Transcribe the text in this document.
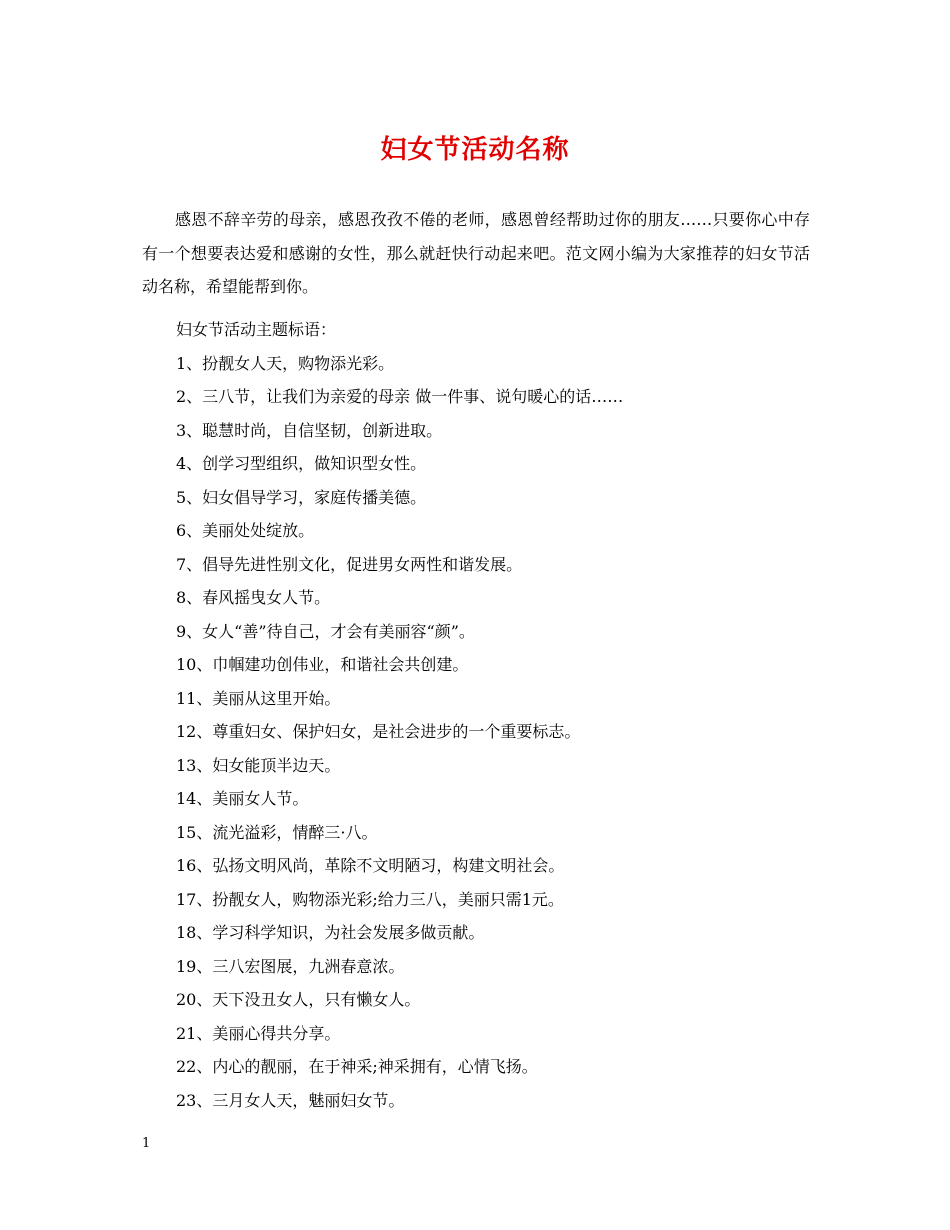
妇女节活动名称

感恩不辞辛劳的母亲，感恩孜孜不倦的老师，感恩曾经帮助过你的朋友……只要你心中存有一个想要表达爱和感谢的女性，那么就赶快行动起来吧。范文网小编为大家推荐的妇女节活动名称，希望能帮到你。

妇女节活动主题标语：
1、扮靓女人天，购物添光彩。
2、三八节，让我们为亲爱的母亲 做一件事、说句暖心的话……
3、聪慧时尚，自信坚韧，创新进取。
4、创学习型组织，做知识型女性。
5、妇女倡导学习，家庭传播美德。
6、美丽处处绽放。
7、倡导先进性别文化，促进男女两性和谐发展。
8、春风摇曳女人节。
9、女人“善”待自己，才会有美丽容“颜”。
10、巾帼建功创伟业，和谐社会共创建。
11、美丽从这里开始。
12、尊重妇女、保护妇女，是社会进步的一个重要标志。
13、妇女能顶半边天。
14、美丽女人节。
15、流光溢彩，情醉三·八。
16、弘扬文明风尚，革除不文明陋习，构建文明社会。
17、扮靓女人，购物添光彩;给力三八，美丽只需1元。
18、学习科学知识，为社会发展多做贡献。
19、三八宏图展，九洲春意浓。
20、天下没丑女人，只有懒女人。
21、美丽心得共分享。
22、内心的靓丽，在于神采;神采拥有，心情飞扬。
23、三月女人天，魅丽妇女节。
1
